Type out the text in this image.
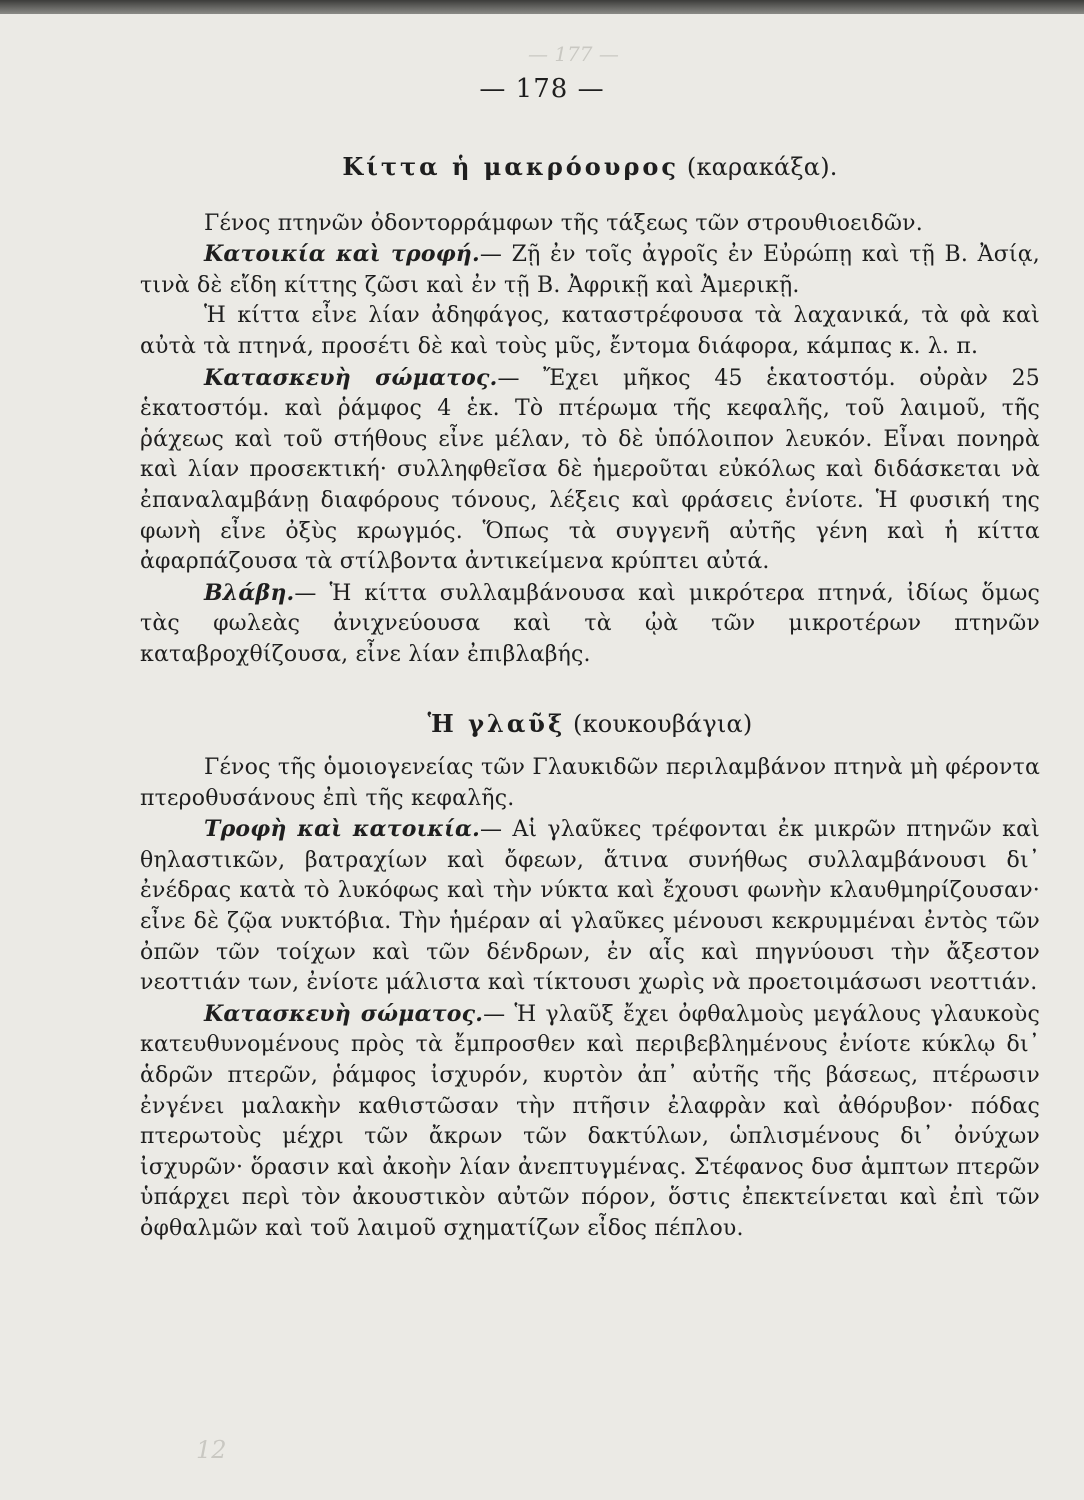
— 177 —
12
— 178 —
Κίττα ἡ μακρόουρος (καρακάξα).

Γένος πτηνῶν ὀδοντορράμφων τῆς τάξεως τῶν στρουθιοειδῶν.

Κατοικία καὶ τροφή.— Ζῇ ἐν τοῖς ἀγροῖς ἐν Εὐρώπῃ καὶ τῇ Β. Ἀσίᾳ, τινὰ δὲ εἴδη κίττης ζῶσι καὶ ἐν τῇ Β. Ἀφρικῇ καὶ Ἀμερικῇ.

Ἡ κίττα εἶνε λίαν ἀδηφάγος, καταστρέφουσα τὰ λαχανικά, τὰ φὰ καὶ αὐτὰ τὰ πτηνά, προσέτι δὲ καὶ τοὺς μῦς, ἔντομα διάφορα, κάμπας κ. λ. π.

Κατασκευὴ σώματος.— Ἔχει μῆκος 45 ἑκατοστόμ. οὐρὰν 25 ἑκατοστόμ. καὶ ῥάμφος 4 ἑκ. Τὸ πτέρωμα τῆς κεφαλῆς, τοῦ λαιμοῦ, τῆς ῥάχεως καὶ τοῦ στήθους εἶνε μέλαν, τὸ δὲ ὑπόλοιπον λευκόν. Εἶναι πονηρὰ καὶ λίαν προσεκτική· συλληφθεῖσα δὲ ἡμεροῦται εὐκόλως καὶ διδάσκεται νὰ ἐπαναλαμβάνῃ διαφόρους τόνους, λέξεις καὶ φράσεις ἐνίοτε. Ἡ φυσική της φωνὴ εἶνε ὀξὺς κρωγμός. Ὅπως τὰ συγγενῆ αὐτῆς γένη καὶ ἡ κίττα ἀφαρπάζουσα τὰ στίλβοντα ἀντικείμενα κρύπτει αὐτά.

Βλάβη.— Ἡ κίττα συλλαμβάνουσα καὶ μικρότερα πτηνά, ἰδίως ὅμως τὰς φωλεὰς ἀνιχνεύουσα καὶ τὰ ᾠὰ τῶν μικροτέρων πτηνῶν καταβροχθίζουσα, εἶνε λίαν ἐπιβλαβής.

Ἡ γλαῦξ (κουκουβάγια)

Γένος τῆς ὁμοιογενείας τῶν Γλαυκιδῶν περιλαμβάνον πτηνὰ μὴ φέροντα πτεροθυσάνους ἐπὶ τῆς κεφαλῆς.

Τροφὴ καὶ κατοικία.— Αἱ γλαῦκες τρέφονται ἐκ μικρῶν πτηνῶν καὶ θηλαστικῶν, βατραχίων καὶ ὄφεων, ἅτινα συνήθως συλλαμβάνουσι δι᾽ ἐνέδρας κατὰ τὸ λυκόφως καὶ τὴν νύκτα καὶ ἔχουσι φωνὴν κλαυθμηρίζουσαν· εἶνε δὲ ζῷα νυκτόβια. Τὴν ἡμέραν αἱ γλαῦκες μένουσι κεκρυμμέναι ἐντὸς τῶν ὀπῶν τῶν τοίχων καὶ τῶν δένδρων, ἐν αἷς καὶ πηγνύουσι τὴν ἄξεστον νεοττιάν των, ἐνίοτε μάλιστα καὶ τίκτουσι χωρὶς νὰ προετοιμάσωσι νεοττιάν.

Κατασκευὴ σώματος.— Ἡ γλαῦξ ἔχει ὀφθαλμοὺς μεγάλους γλαυκοὺς κατευθυνομένους πρὸς τὰ ἔμπροσθεν καὶ περιβεβλημένους ἐνίοτε κύκλῳ δι᾽ ἁδρῶν πτερῶν, ῥάμφος ἰσχυρόν, κυρτὸν ἀπ᾽ αὐτῆς τῆς βάσεως, πτέρωσιν ἐνγένει μαλακὴν καθιστῶσαν τὴν πτῆσιν ἐλαφρὰν καὶ ἀθόρυβον· πόδας πτερωτοὺς μέχρι τῶν ἄκρων τῶν δακτύλων, ὡπλισμένους δι᾽ ὀνύχων ἰσχυρῶν· ὅρασιν καὶ ἀκοὴν λίαν ἀνεπτυγμένας. Στέφανος δυσ ἁμπτων πτερῶν ὑπάρχει περὶ τὸν ἀκουστικὸν αὐτῶν πόρον, ὅστις ἐπεκτείνεται καὶ ἐπὶ τῶν ὀφθαλμῶν καὶ τοῦ λαιμοῦ σχηματίζων εἶδος πέπλου.
